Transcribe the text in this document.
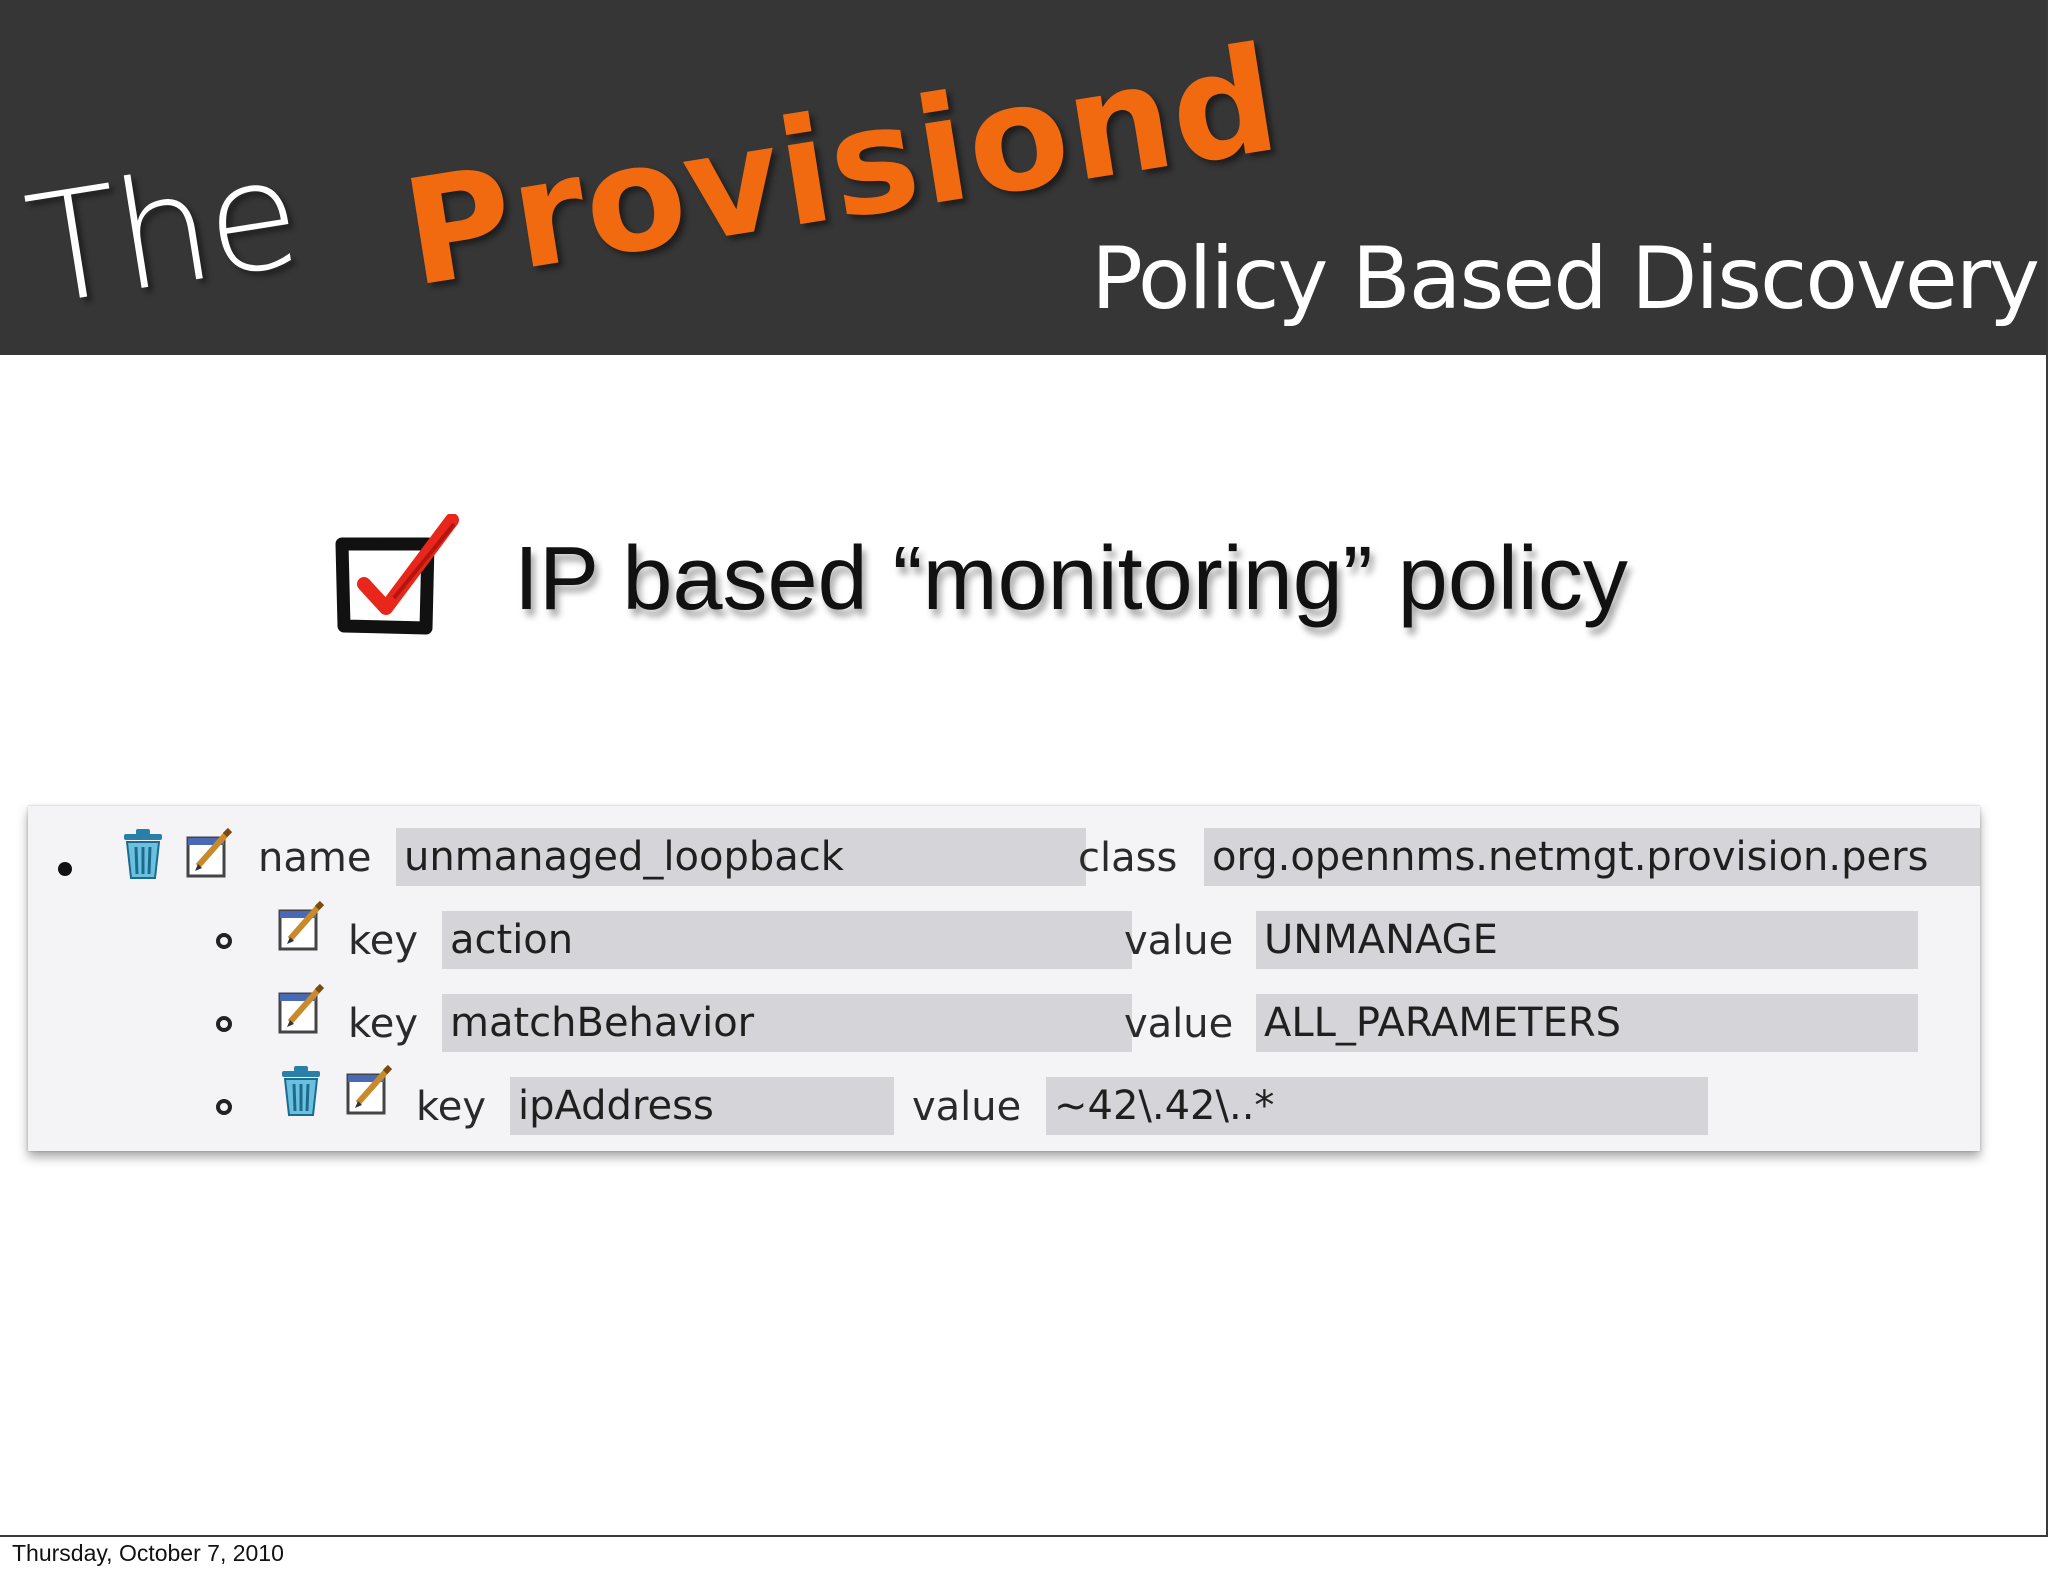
The Provisiond
Policy Based Discovery
IP based “monitoring” policy
name unmanaged_loopback	class org.opennms.netmgt.provision.pers
key action	value UNMANAGE
key matchBehavior	value ALL_PARAMETERS
key ipAddress	value ~42\.42\..*
Thursday, October 7, 2010
